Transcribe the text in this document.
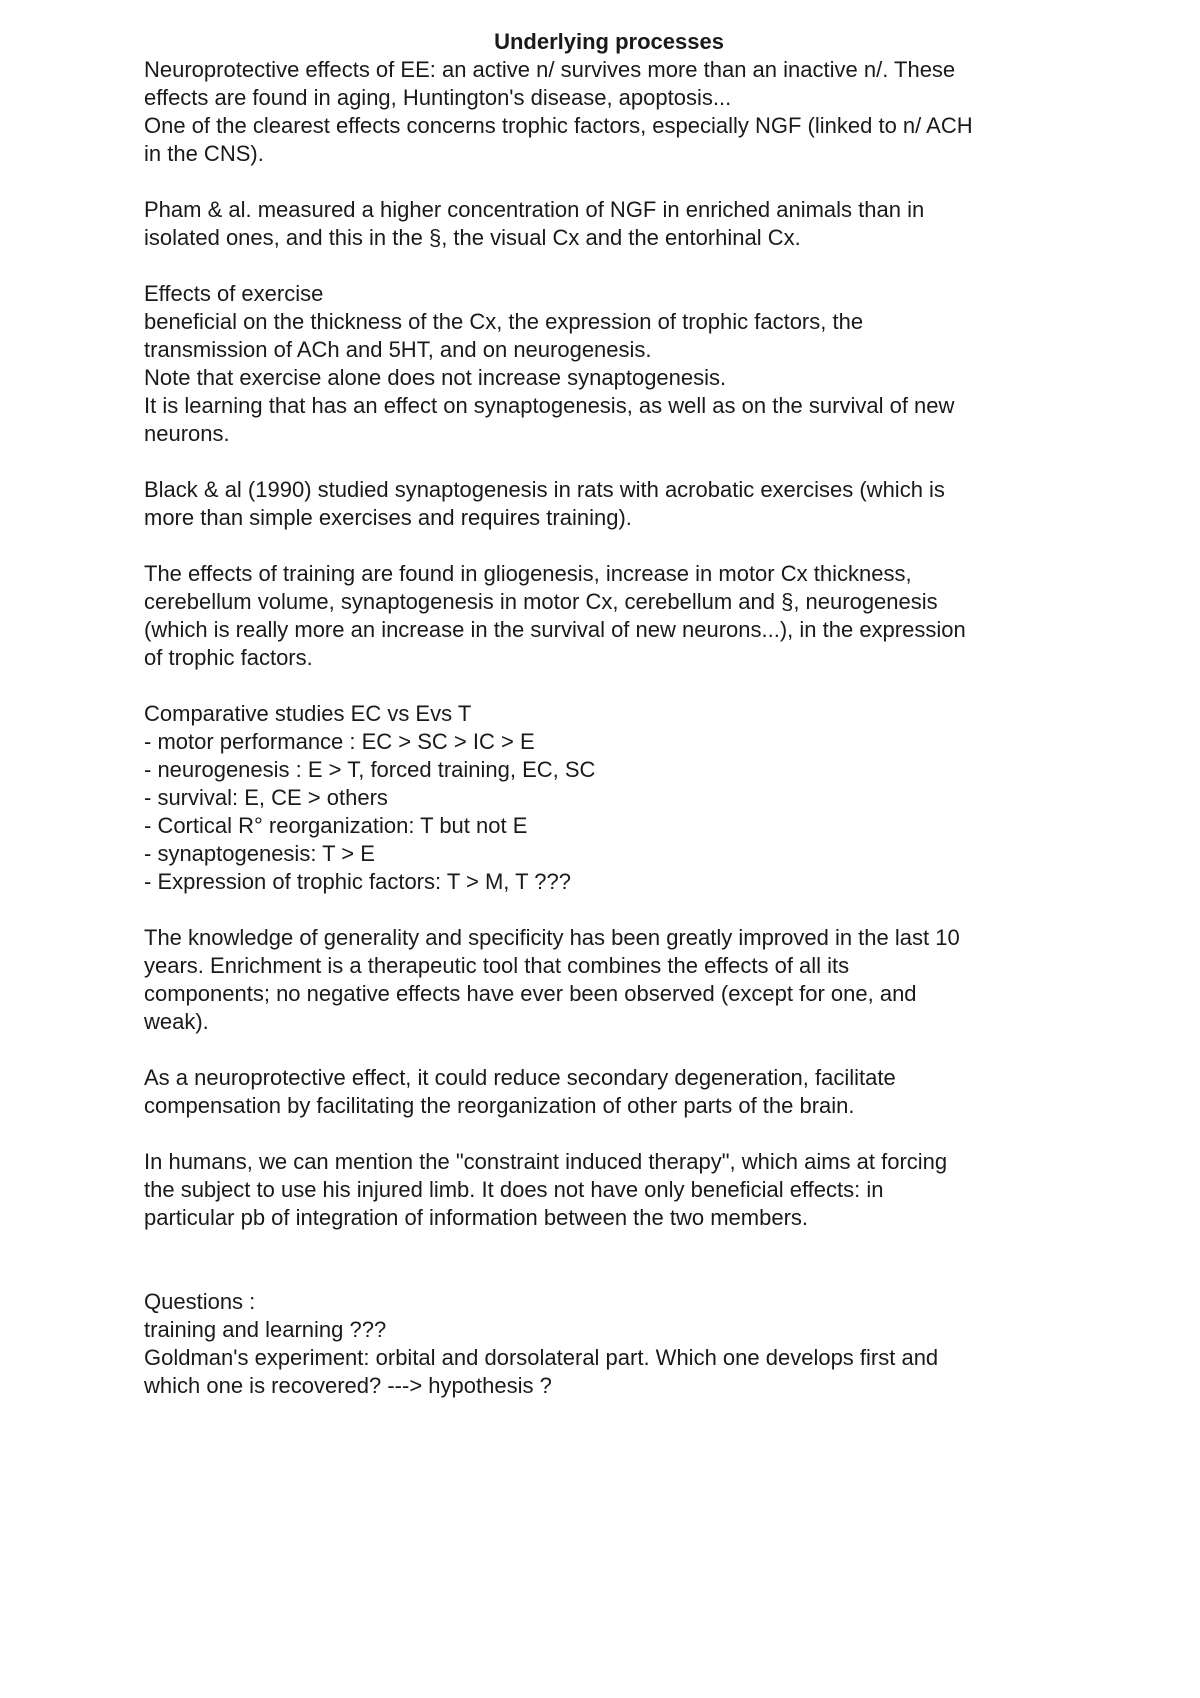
Underlying processes
Neuroprotective effects of EE: an active n/ survives more than an inactive n/. These
effects are found in aging, Huntington's disease, apoptosis...
One of the clearest effects concerns trophic factors, especially NGF (linked to n/ ACH
in the CNS).
Pham & al. measured a higher concentration of NGF in enriched animals than in
isolated ones, and this in the §, the visual Cx and the entorhinal Cx.
Effects of exercise
beneficial on the thickness of the Cx, the expression of trophic factors, the
transmission of ACh and 5HT, and on neurogenesis.
Note that exercise alone does not increase synaptogenesis.
It is learning that has an effect on synaptogenesis, as well as on the survival of new
neurons.
Black & al (1990) studied synaptogenesis in rats with acrobatic exercises (which is
more than simple exercises and requires training).
The effects of training are found in gliogenesis, increase in motor Cx thickness,
cerebellum volume, synaptogenesis in motor Cx, cerebellum and §, neurogenesis
(which is really more an increase in the survival of new neurons...), in the expression
of trophic factors.
Comparative studies EC vs Evs T
- motor performance : EC > SC > IC > E
- neurogenesis : E > T, forced training, EC, SC
- survival: E, CE > others
- Cortical R° reorganization: T but not E
- synaptogenesis: T > E
- Expression of trophic factors: T > M, T ???
The knowledge of generality and specificity has been greatly improved in the last 10
years. Enrichment is a therapeutic tool that combines the effects of all its
components; no negative effects have ever been observed (except for one, and
weak).
As a neuroprotective effect, it could reduce secondary degeneration, facilitate
compensation by facilitating the reorganization of other parts of the brain.
In humans, we can mention the "constraint induced therapy", which aims at forcing
the subject to use his injured limb. It does not have only beneficial effects: in
particular pb of integration of information between the two members.
Questions :
training and learning ???
Goldman's experiment: orbital and dorsolateral part. Which one develops first and
which one is recovered? ---> hypothesis ?
